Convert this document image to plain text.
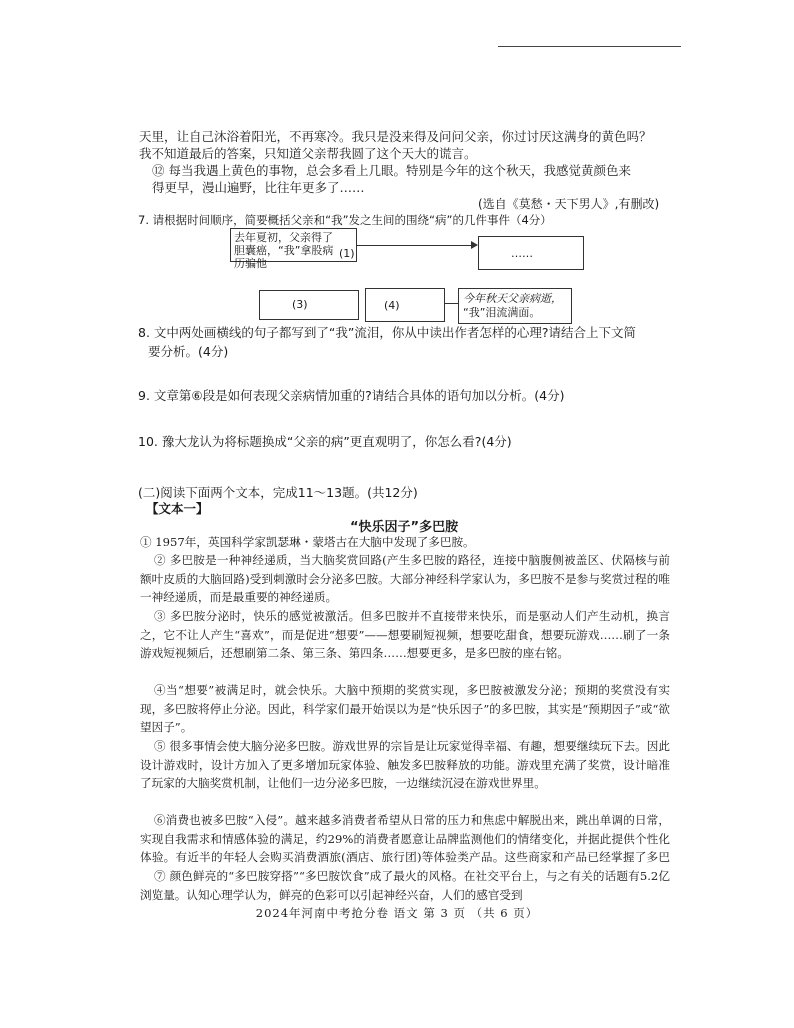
天里，让自己沐浴着阳光，不再寒冷。我只是没来得及问问父亲，你过讨厌这满身的黄色吗？
我不知道最后的答案，只知道父亲帮我圆了这个天大的谎言。
⑫ 每当我遇上黄色的事物，总会多看上几眼。特别是今年的这个秋天，我感觉黄颜色来
得更早，漫山遍野，比往年更多了……
(选自《莫愁・天下男人》,有删改)
7. 请根据时间顺序，简要概括父亲和“我”发之生间的围绕“病”的几件事件（4分）
去年夏初，父亲得了胆囊癌，“我”拿股病历骗他
(1)	……
(3)	(4)
今年秋天父亲病逝，
“我”泪流满面。
8. 文中两处画横线的句子都写到了“我”流泪，你从中读出作者怎样的心理?请结合上下文简
要分析。(4分)
9. 文章第⑥段是如何表现父亲病情加重的?请结合具体的语句加以分析。(4分)
10. 豫大龙认为将标题换成“父亲的病”更直观明了，你怎么看?(4分)
(二)阅读下面两个文本，完成11～13题。(共12分)
【文本一】
“快乐因子”多巴胺
① 1957年，英国科学家凯瑟琳・蒙塔古在大脑中发现了多巴胺。
② 多巴胺是一种神经递质，当大脑奖赏回路(产生多巴胺的路径，连接中脑腹侧被盖区、伏隔核与前额叶皮质的大脑回路)受到刺激时会分泌多巴胺。大部分神经科学家认为，多巴胺不是参与奖赏过程的唯一神经递质，而是最重要的神经递质。
③ 多巴胺分泌时，快乐的感觉被激活。但多巴胺并不直接带来快乐，而是驱动人们产生动机，换言之，它不让人产生“喜欢”，而是促进“想要”——想要刷短视频，想要吃甜食，想要玩游戏……刷了一条游戏短视频后，还想刷第二条、第三条、第四条……想要更多，是多巴胺的座右铭。
④当“想要”被满足时，就会快乐。大脑中预期的奖赏实现，多巴胺被激发分泌；预期的奖赏没有实现，多巴胺将停止分泌。因此，科学家们最开始误以为是“快乐因子”的多巴胺，其实是“预期因子”或“欲望因子”。
⑤ 很多事情会使大脑分泌多巴胺。游戏世界的宗旨是让玩家觉得幸福、有趣，想要继续玩下去。因此设计游戏时，设计方加入了更多增加玩家体验、触发多巴胺释放的功能。游戏里充满了奖赏，设计暗准了玩家的大脑奖赏机制，让他们一边分泌多巴胺，一边继续沉浸在游戏世界里。
⑥消费也被多巴胺“入侵”。越来越多消费者希望从日常的压力和焦虑中解脱出来，跳出单调的日常，实现自我需求和情感体验的满足，约29%的消费者愿意让品牌监测他们的情绪变化，并据此提供个性化体验。有近半的年轻人会购买消费酒旅(酒店、旅行团)等体验类产品。这些商家和产品已经掌握了多巴
⑦ 颜色鲜亮的“多巴胺穿搭”“多巴胺饮食”成了最火的风格。在社交平台上，与之有关的话题有5.2亿浏览量。认知心理学认为，鲜亮的色彩可以引起神经兴奋，人们的感官受到
2024年河南中考抢分卷 语文 第 3 页 （共 6 页）
